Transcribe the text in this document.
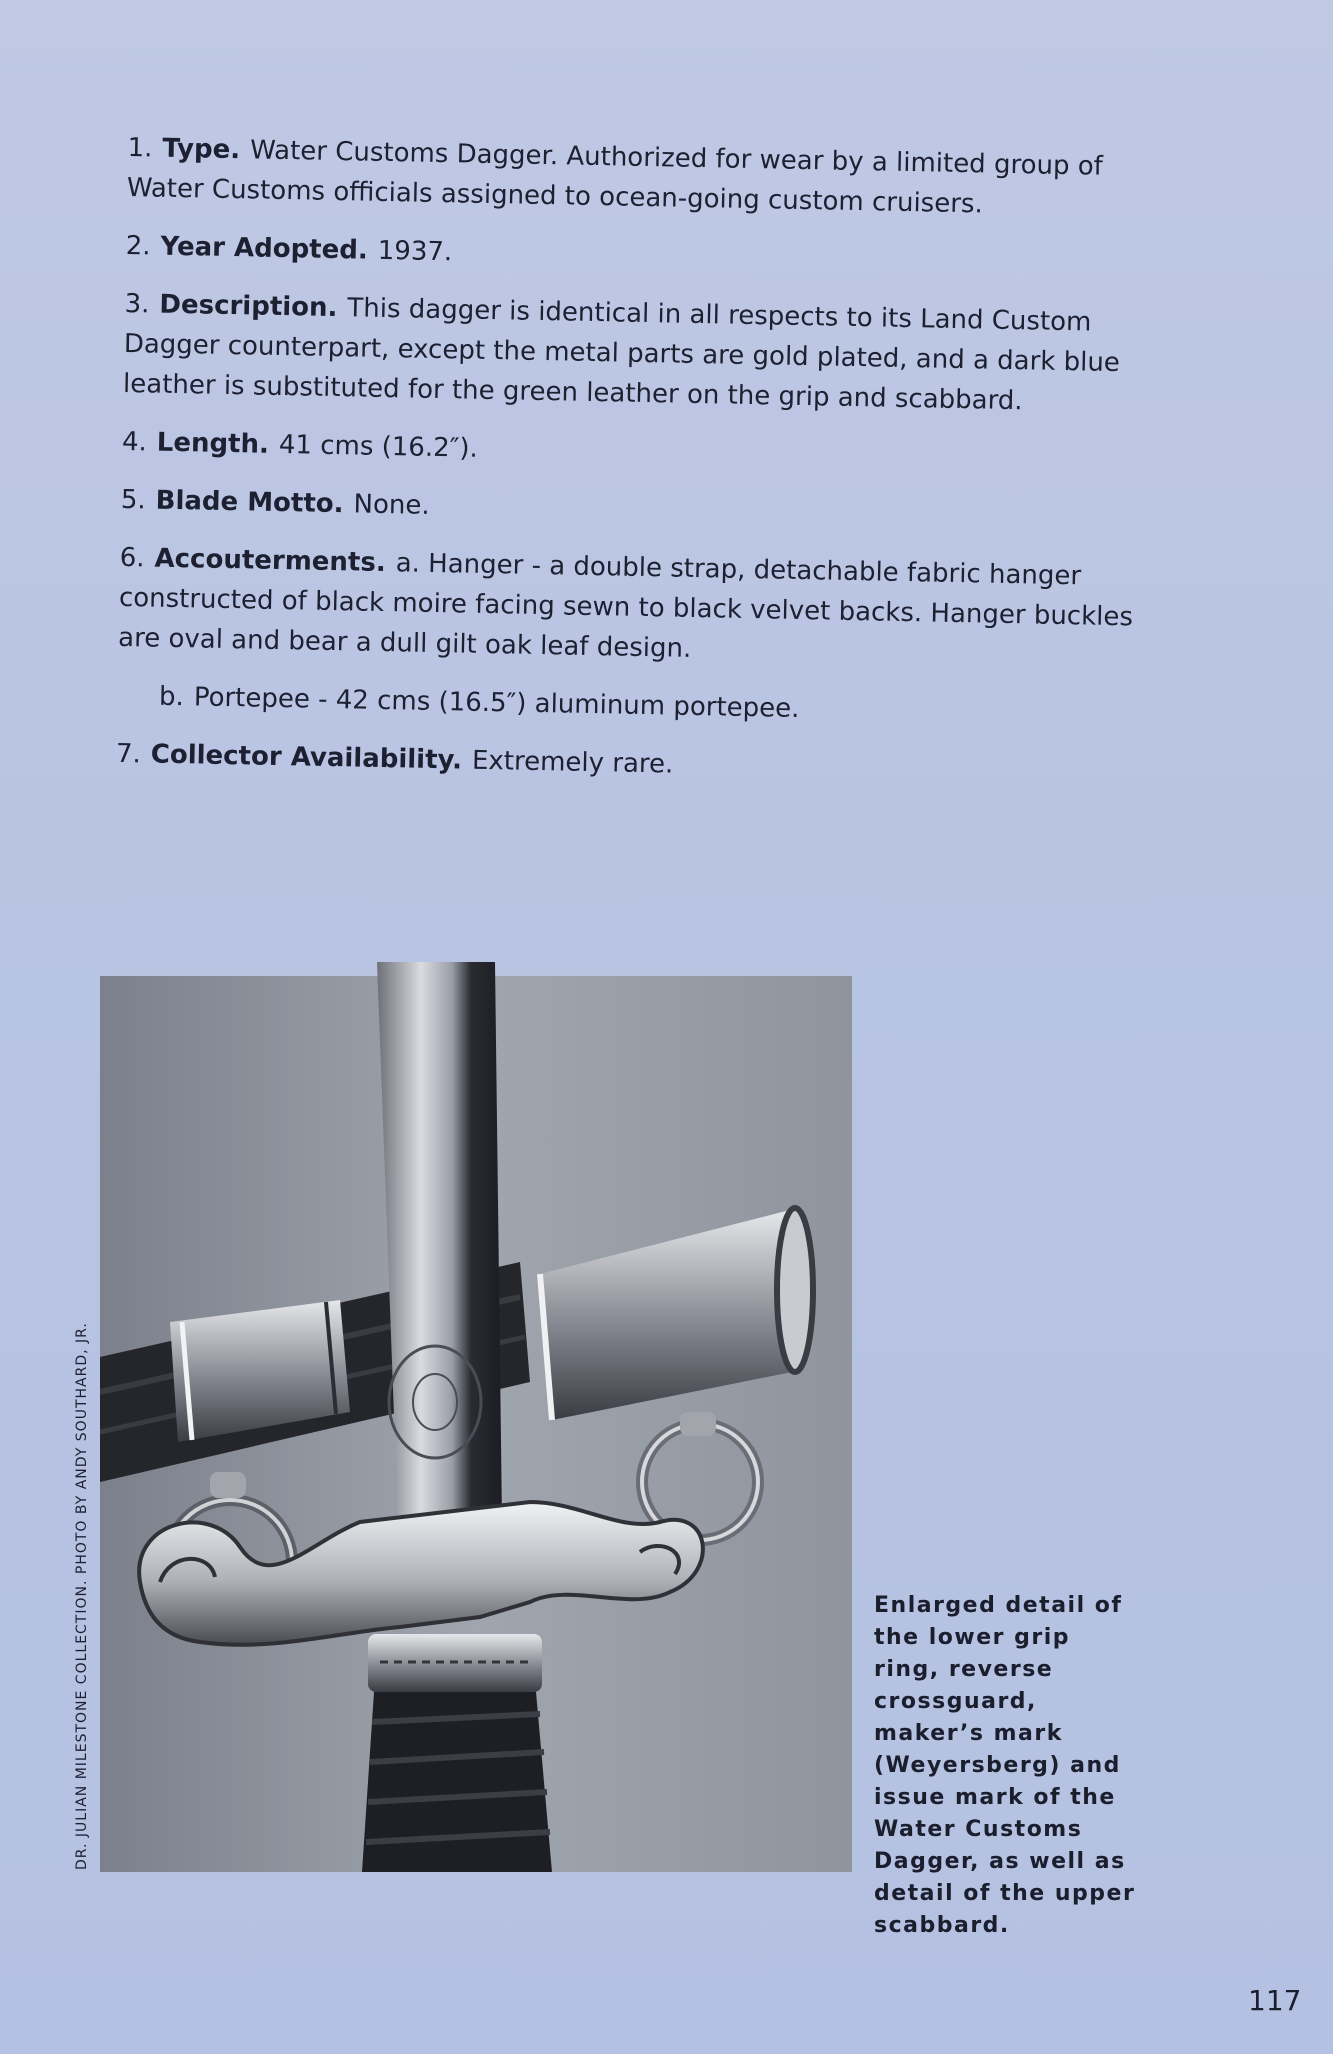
1. Type. Water Customs Dagger. Authorized for wear by a limited group of Water Customs officials assigned to ocean-going custom cruisers.

2. Year Adopted. 1937.

3. Description. This dagger is identical in all respects to its Land Custom Dagger counterpart, except the metal parts are gold plated, and a dark blue leather is substituted for the green leather on the grip and scabbard.

4. Length. 41 cms (16.2″).

5. Blade Motto. None.

6. Accouterments. a. Hanger - a double strap, detachable fabric hanger constructed of black moire facing sewn to black velvet backs. Hanger buckles are oval and bear a dull gilt oak leaf design.

b. Portepee - 42 cms (16.5″) aluminum portepee.

7. Collector Availability. Extremely rare.

DR. JULIAN MILESTONE COLLECTION. PHOTO BY ANDY SOUTHARD, JR.	Enlarged detail of the lower grip ring, reverse crossguard, maker’s mark (Weyersberg) and issue mark of the Water Customs Dagger, as well as detail of the upper scabbard.
117
